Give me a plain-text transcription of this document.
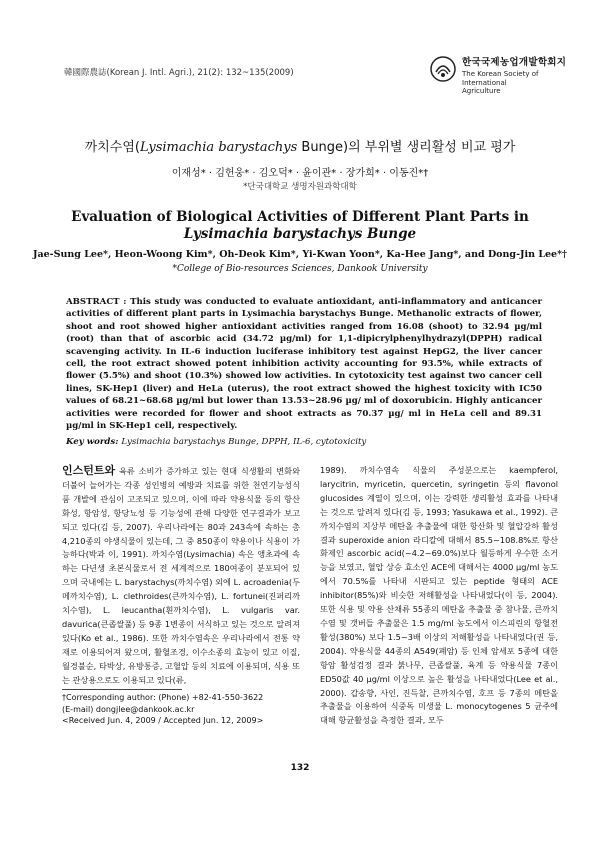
韓國際農誌(Korean J. Intl. Agri.), 21(2): 132~135(2009)
한국국제농업개발학회지
The Korean Society of International
Agriculture
까치수염(Lysimachia barystachys Bunge)의 부위별 생리활성 비교 평가
이재성* · 김헌웅* · 김오덕* · 윤이관* · 장가희* · 이동진*†
*단국대학교 생명자원과학대학
Evaluation of Biological Activities of Different Plant Parts in
Lysimachia barystachys Bunge
Jae-Sung Lee*, Heon-Woong Kim*, Oh-Deok Kim*, Yi-Kwan Yoon*, Ka-Hee Jang*, and Dong-Jin Lee*†
*College of Bio-resources Sciences, Dankook University
ABSTRACT : This study was conducted to evaluate antioxidant, anti-inflammatory and anticancer activities of different plant parts in Lysimachia barystachys Bunge. Methanolic extracts of flower, shoot and root showed higher antioxidant activities ranged from 16.08 (shoot) to 32.94 µg/ml (root) than that of ascorbic acid (34.72 µg/ml) for 1,1-dipicrylphenylhydrazyl(DPPH) radical scavenging activity. In IL-6 induction luciferase inhibitory test against HepG2, the liver cancer cell, the root extract showed potent inhibition activity accounting for 93.5%, while extracts of flower (5.5%) and shoot (10.3%) showed low activities. In cytotoxicity test against two cancer cell lines, SK-Hep1 (liver) and HeLa (uterus), the root extract showed the highest toxicity with IC50 values of 68.21~68.68 µg/ml but lower than 13.53~28.96 µg/ ml of doxorubicin. Highly anticancer activities were recorded for flower and shoot extracts as 70.37 µg/ ml in HeLa cell and 89.31 µg/ml in SK-Hep1 cell, respectively.
Key words: Lysimachia barystachys Bunge, DPPH, IL-6, cytotoxicity

인스턴트와 육류 소비가 증가하고 있는 현대 식생활의 변화와 더불어 늘어가는 각종 성인병의 예방과 치료를 위한 천연기능성식품 개발에 관심이 고조되고 있으며, 이에 따라 약용식물 등의 항산화성, 항암성, 항당뇨성 등 기능성에 관해 다양한 연구결과가 보고되고 있다(김 등, 2007). 우리나라에는 80과 243속에 속하는 총 4,210종의 야생식물이 있는데, 그 중 850종이 약용이나 식용이 가능하다(박과 이, 1991). 까치수염(Lysimachia) 속은 앵초과에 속하는 다년생 초본식물로서 전 세계적으로 180여종이 분포되어 있으며 국내에는 L. barystachys(까치수염) 외에 L. acroadenia(두메까치수염), L. clethroides(큰까치수염), L. fortunei(진퍼리까치수염), L. leucantha(흰까치수염), L. vulgaris var. davurica(큰좁쌀풀) 등 9종 1변종이 서식하고 있는 것으로 알려져 있다(Ko et al., 1986). 또한 까치수염속은 우리나라에서 전통 약재로 이용되어져 왔으며, 활혈조경, 이수소종의 효능이 있고 이질, 월경불순, 타박상, 유방통증, 고혈압 등의 치료에 이용되며, 식용 또는 관상용으로도 이용되고 있다(류,

1989). 까치수염속 식물의 주성분으로는 kaempferol, larycitrin, myricetin, quercetin, syringetin 등의 flavonol glucosides 계열이 있으며, 이는 강력한 생리활성 효과를 나타내는 것으로 알려져 있다(김 등, 1993; Yasukawa et al., 1992). 큰까치수염의 지상부 메탄올 추출물에 대한 항산화 및 혈압강하 활성 결과 superoxide anion 라디칼에 대해서 85.5~108.8%로 항산화제인 ascorbic acid(~4.2~69.0%)보다 월등하게 우수한 소거능을 보였고, 혈압 상승 효소인 ACE에 대해서는 4000 µg/ml 농도에서 70.5%를 나타내 시판되고 있는 peptide 형태의 ACE inhibitor(85%)와 비슷한 저해활성을 나타내었다(이 등, 2004). 또한 식용 및 약용 산채류 55종의 메탄올 추출물 중 참나물, 큰까치수염 및 갯버들 추출물은 1.5 mg/ml 농도에서 이스피린의 항혈전활성(380%) 보다 1.5~3배 이상의 저해활성을 나타내었다(권 등, 2004). 약용식물 44종의 A549(폐암) 등 인체 암세포 5종에 대한 항암 활성검정 결과 붉나무, 큰좁쌀풀, 육계 등 약용식물 7종이 ED50값 40 µg/ml 이상으로 높은 활성을 나타내었다(Lee et al., 2000). 갑송향, 사인, 진득찰, 큰까치수염, 호프 등 7종의 메탄올 추출물을 이용하여 식중독 미생물 L. monocytogenes 5 균주에 대해 항균활성을 측정한 결과, 모두

†Corresponding author: (Phone) +82-41-550-3622
(E-mail) dongjlee@dankook.ac.kr
<Received Jun. 4, 2009 / Accepted Jun. 12, 2009>
132
